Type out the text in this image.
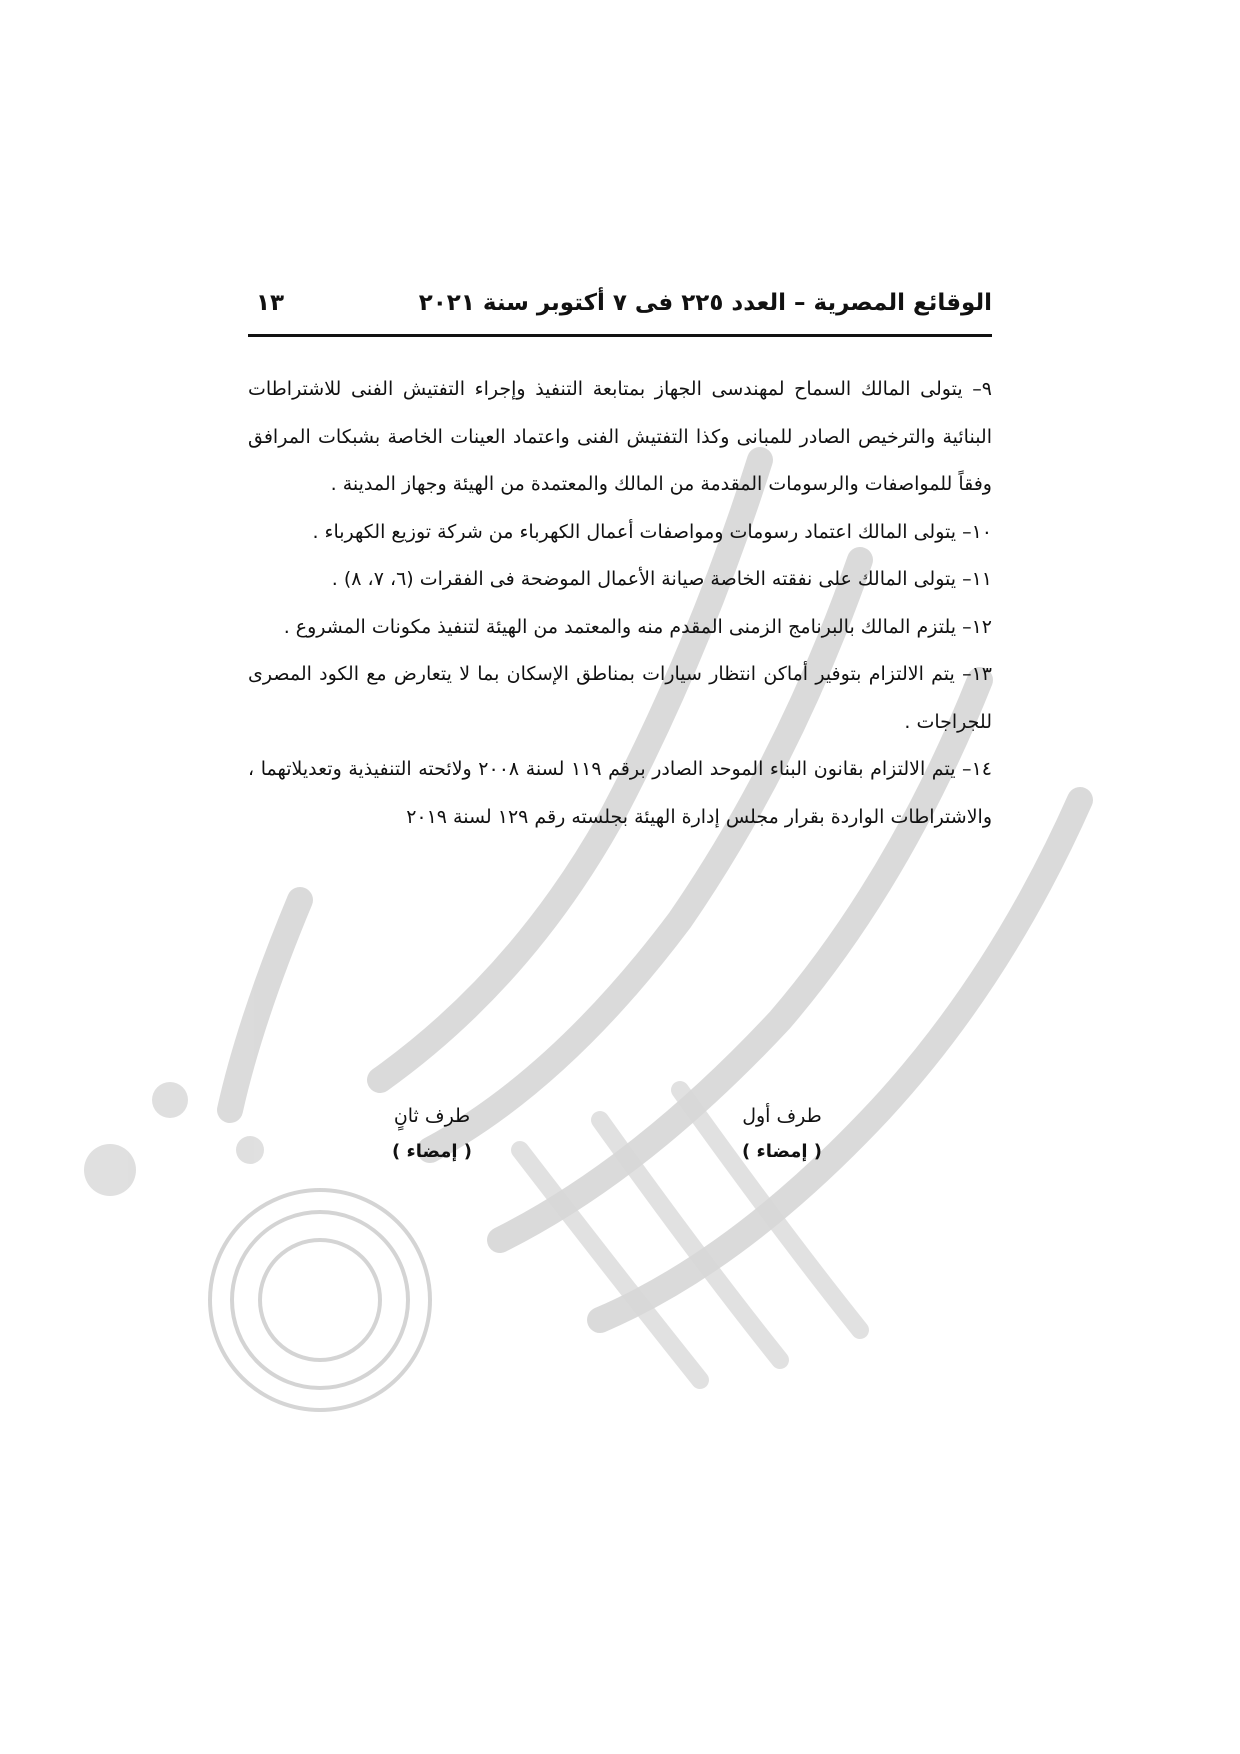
الوقائع المصرية – العدد ٢٢٥ فى ٧ أكتوبر سنة ٢٠٢١
١٣

٩– يتولى المالك السماح لمهندسى الجهاز بمتابعة التنفيذ وإجراء التفتيش الفنى للاشتراطات البنائية والترخيص الصادر للمبانى وكذا التفتيش الفنى واعتماد العينات الخاصة بشبكات المرافق وفقاً للمواصفات والرسومات المقدمة من المالك والمعتمدة من الهيئة وجهاز المدينة .

١٠– يتولى المالك اعتماد رسومات ومواصفات أعمال الكهرباء من شركة توزيع الكهرباء .

١١– يتولى المالك على نفقته الخاصة صيانة الأعمال الموضحة فى الفقرات (٦، ٧، ٨) .

١٢– يلتزم المالك بالبرنامج الزمنى المقدم منه والمعتمد من الهيئة لتنفيذ مكونات المشروع .

١٣– يتم الالتزام بتوفير أماكن انتظار سيارات بمناطق الإسكان بما لا يتعارض مع الكود المصرى للجراجات .

١٤– يتم الالتزام بقانون البناء الموحد الصادر برقم ١١٩ لسنة ٢٠٠٨ ولائحته التنفيذية وتعديلاتهما ، والاشتراطات الواردة بقرار مجلس إدارة الهيئة بجلسته رقم ١٢٩ لسنة ٢٠١٩

طرف أول
( إمضاء )
طرف ثانٍ
( إمضاء )
